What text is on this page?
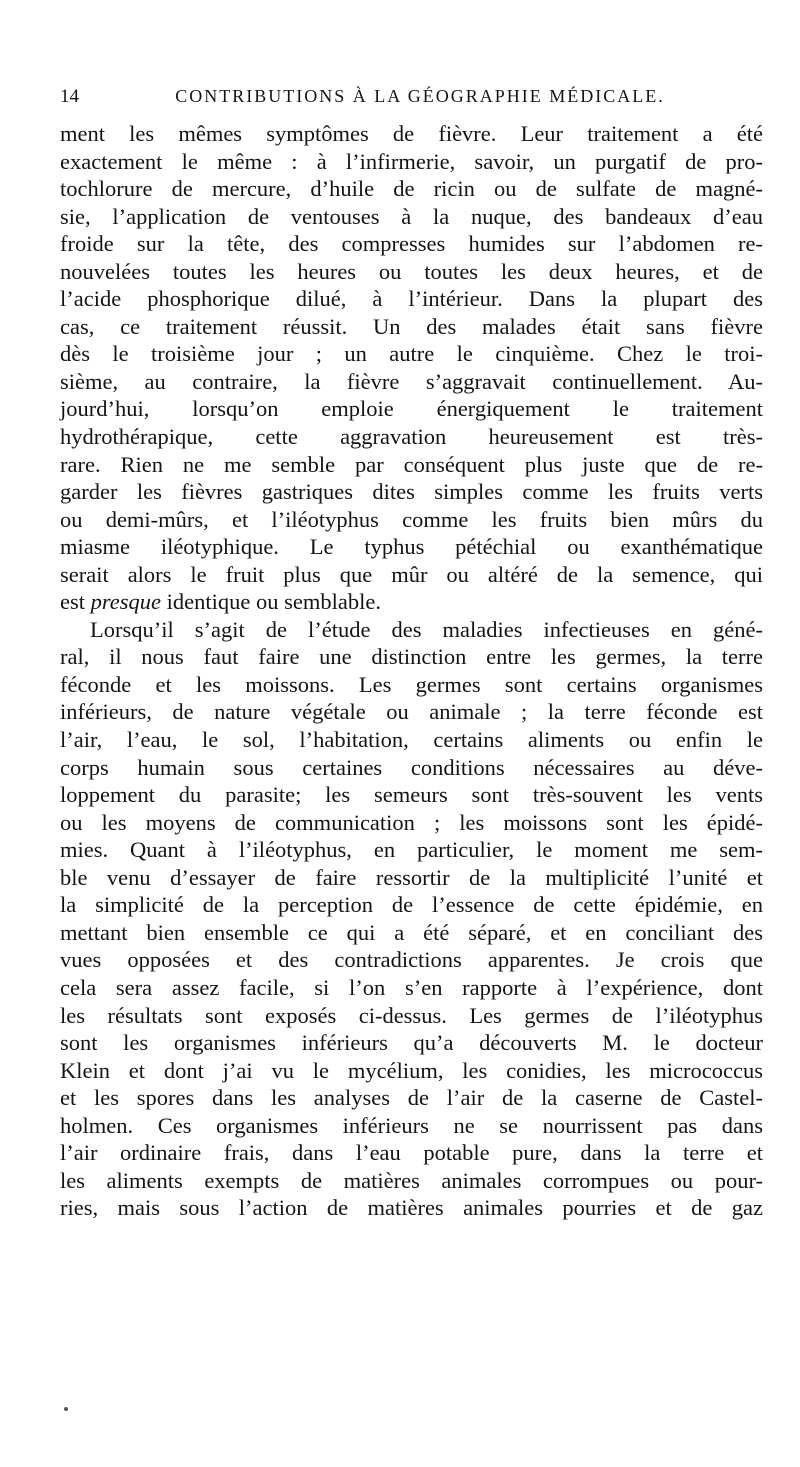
14	CONTRIBUTIONS À LA GÉOGRAPHIE MÉDICALE.
ment les mêmes symptômes de fièvre. Leur traitement a été
exactement le même : à l’infirmerie, savoir, un purgatif de pro-
tochlorure de mercure, d’huile de ricin ou de sulfate de magné-
sie, l’application de ventouses à la nuque, des bandeaux d’eau
froide sur la tête, des compresses humides sur l’abdomen re-
nouvelées toutes les heures ou toutes les deux heures, et de
l’acide phosphorique dilué, à l’intérieur. Dans la plupart des
cas, ce traitement réussit. Un des malades était sans fièvre
dès le troisième jour ; un autre le cinquième. Chez le troi-
sième, au contraire, la fièvre s’aggravait continuellement. Au-
jourd’hui, lorsqu’on emploie énergiquement le traitement
hydrothérapique, cette aggravation heureusement est très-
rare. Rien ne me semble par conséquent plus juste que de re-
garder les fièvres gastriques dites simples comme les fruits verts
ou demi-mûrs, et l’iléotyphus comme les fruits bien mûrs du
miasme iléotyphique. Le typhus pétéchial ou exanthématique
serait alors le fruit plus que mûr ou altéré de la semence, qui
est presque identique ou semblable.
Lorsqu’il s’agit de l’étude des maladies infectieuses en géné-
ral, il nous faut faire une distinction entre les germes, la terre
féconde et les moissons. Les germes sont certains organismes
inférieurs, de nature végétale ou animale ; la terre féconde est
l’air, l’eau, le sol, l’habitation, certains aliments ou enfin le
corps humain sous certaines conditions nécessaires au déve-
loppement du parasite; les semeurs sont très-souvent les vents
ou les moyens de communication ; les moissons sont les épidé-
mies. Quant à l’iléotyphus, en particulier, le moment me sem-
ble venu d’essayer de faire ressortir de la multiplicité l’unité et
la simplicité de la perception de l’essence de cette épidémie, en
mettant bien ensemble ce qui a été séparé, et en conciliant des
vues opposées et des contradictions apparentes. Je crois que
cela sera assez facile, si l’on s’en rapporte à l’expérience, dont
les résultats sont exposés ci-dessus. Les germes de l’iléotyphus
sont les organismes inférieurs qu’a découverts M. le docteur
Klein et dont j’ai vu le mycélium, les conidies, les micrococcus
et les spores dans les analyses de l’air de la caserne de Castel-
holmen. Ces organismes inférieurs ne se nourrissent pas dans
l’air ordinaire frais, dans l’eau potable pure, dans la terre et
les aliments exempts de matières animales corrompues ou pour-
ries, mais sous l’action de matières animales pourries et de gaz
